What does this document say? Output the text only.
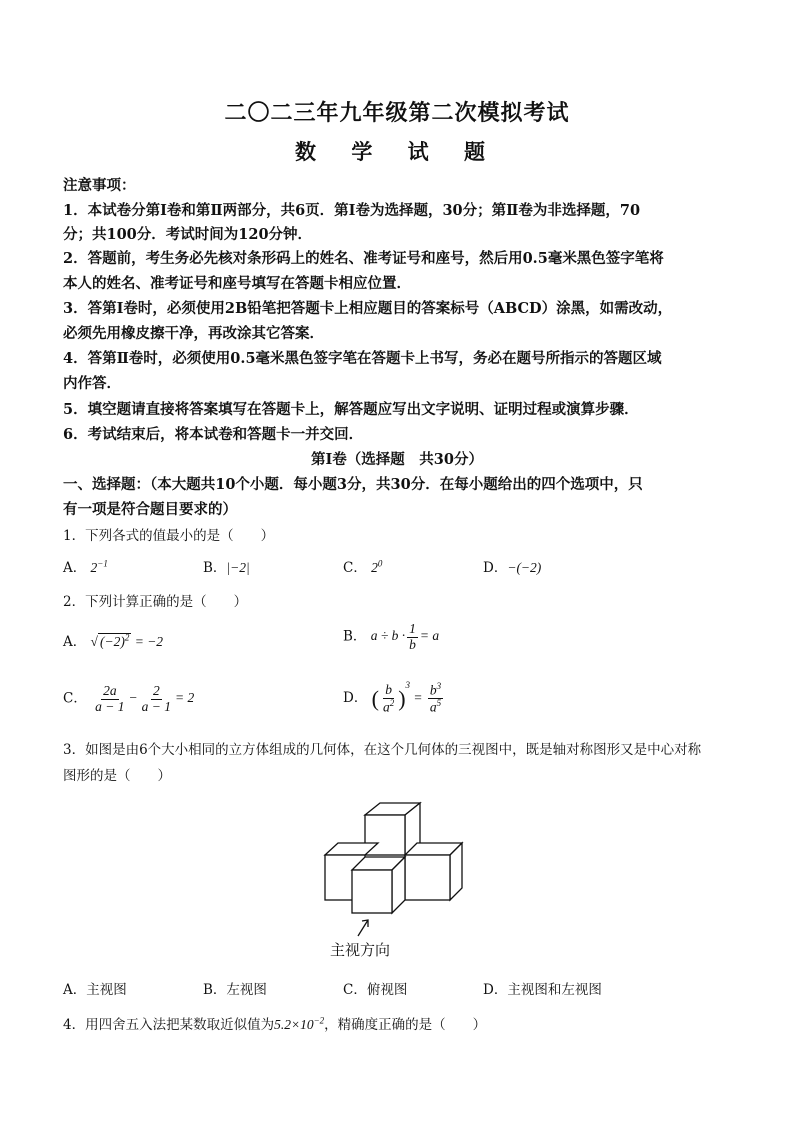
二〇二三年九年级第二次模拟考试
数 学 试 题
注意事项：
1．本试卷分第Ⅰ卷和第Ⅱ两部分，共6页．第Ⅰ卷为选择题，30分；第Ⅱ卷为非选择题，70
分；共100分．考试时间为120分钟．
2．答题前，考生务必先核对条形码上的姓名、准考证号和座号，然后用0.5毫米黑色签字笔将
本人的姓名、准考证号和座号填写在答题卡相应位置．
3．答第Ⅰ卷时，必须使用2B铅笔把答题卡上相应题目的答案标号（ABCD）涂黑，如需改动，
必须先用橡皮擦干净，再改涂其它答案．
4．答第Ⅱ卷时，必须使用0.5毫米黑色签字笔在答题卡上书写，务必在题号所指示的答题区域
内作答．
5．填空题请直接将答案填写在答题卡上，解答题应写出文字说明、证明过程或演算步骤．
6．考试结束后，将本试卷和答题卡一并交回．
第Ⅰ卷（选择题　共30分）
一、选择题：（本大题共10个小题．每小题3分，共30分．在每小题给出的四个选项中，只
有一项是符合题目要求的）
1．下列各式的值最小的是（　　）
A． $2^{-1}$	B．|−2|	C． $2^0$	D．−(−2)
2．下列计算正确的是（　　）
A． √ $(-2)^2 = -2$	B． $a \div b \cdot \frac{1}{b} = a$
C． $\frac{2a}{a - 1} - \frac{2}{a - 1} = 2$	D． ( $\frac{b}{a^2} )^3 = \frac{b^3}{a^5}$
3．如图是由6个大小相同的立方体组成的几何体，在这个几何体的三视图中，既是轴对称图形又是中心对称
图形的是（　　）
主视方向
A．主视图	B．左视图	C．俯视图	D．主视图和左视图
4．用四舍五入法把某数取近似值为$5.2\times 10^{-2}$，精确度正确的是（　　）
